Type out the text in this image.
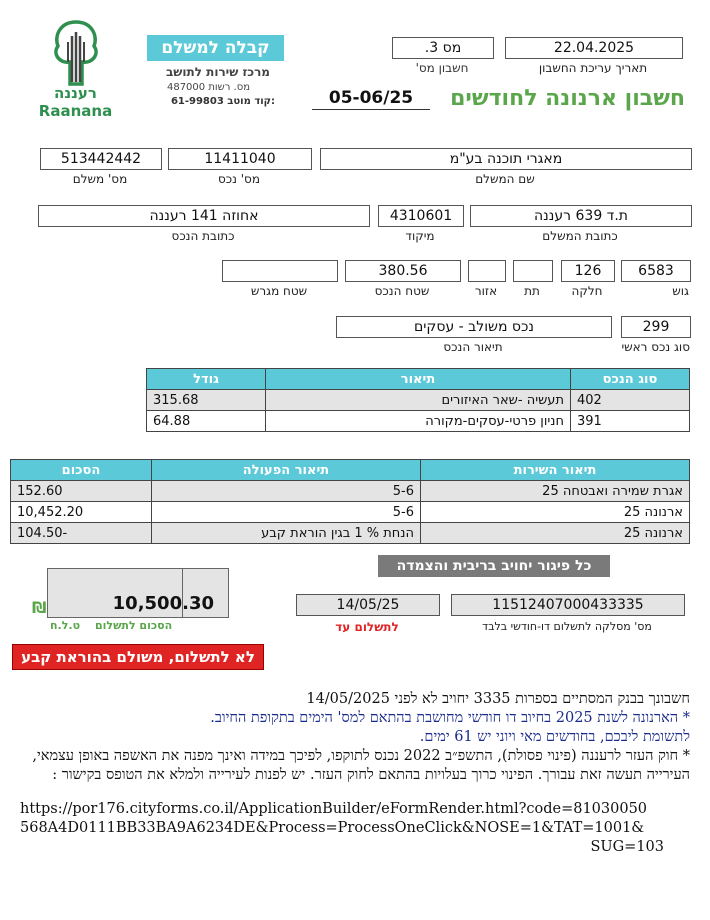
רעננה
Raanana
קבלה למשלם
מרכז שירות לתושב
מס. רשות 487000
61-99803 קוד מוטב:
מס 3.
חשבון מס'
22.04.2025
תאריך עריכת החשבון
חשבון ארנונה לחודשים
05-06/25
513442442
מס' משלם
11411040
מס' נכס
מאגרי תוכנה בע"מ
שם המשלם
אחוזה 141 רעננה
כתובת הנכס
4310601
מיקוד
ת.ד 639 רעננה
כתובת המשלם
שטח מגרש
380.56
שטח הנכס	אזור	תת
126
חלקה
6583
גוש
נכס משולב - עסקים
תיאור הנכס
299
סוג נכס ראשי
סוג הנכס	תיאור	גודל
402	תעשיה -שאר האיזורים	315.68
391	חניון פרטי-עסקים-מקורה	64.88
תיאור השירות	תיאור הפעולה	הסכום
אגרת שמירה ואבטחה 25	5-6	152.60
ארנונה 25	5-6	10,452.20
ארנונה 25	הנחת % 1 בגין הוראת קבע	-104.50
כל פיגור יחויב בריבית והצמדה
₪	10,500.30
הסכום לתשלום
ט.ל.ח
14/05/25
לתשלום עד
11512407000433335
מס' מסלקה לתשלום דו-חודשי בלבד
לא לתשלום, משולם בהוראת קבע
חשבונך בבנק המסתיים בספרות 3335 יחויב לא לפני 14/05/2025
* הארנונה לשנת 2025 בחיוב דו חודשי מחושבת בהתאם למס' הימים בתקופת החיוב.
לתשומת ליבכם, בחודשים מאי ויוני יש 61 ימים.
* חוק העזר לרעננה (פינוי פסולת), התשפ״ב 2022 נכנס לתוקפו, לפיכך במידה ואינך מפנה את האשפה באופן עצמאי, העירייה תעשה זאת עבורך. הפינוי כרוך בעלויות בהתאם לחוק העזר. יש לפנות לעירייה ולמלא את הטופס בקישור :
https://por176.cityforms.co.il/ApplicationBuilder/eFormRender.html?code=81030050
568A4D0111BB33BA9A6234DE&Process=ProcessOneClick&NOSE=1&TAT=1001&
SUG=103
